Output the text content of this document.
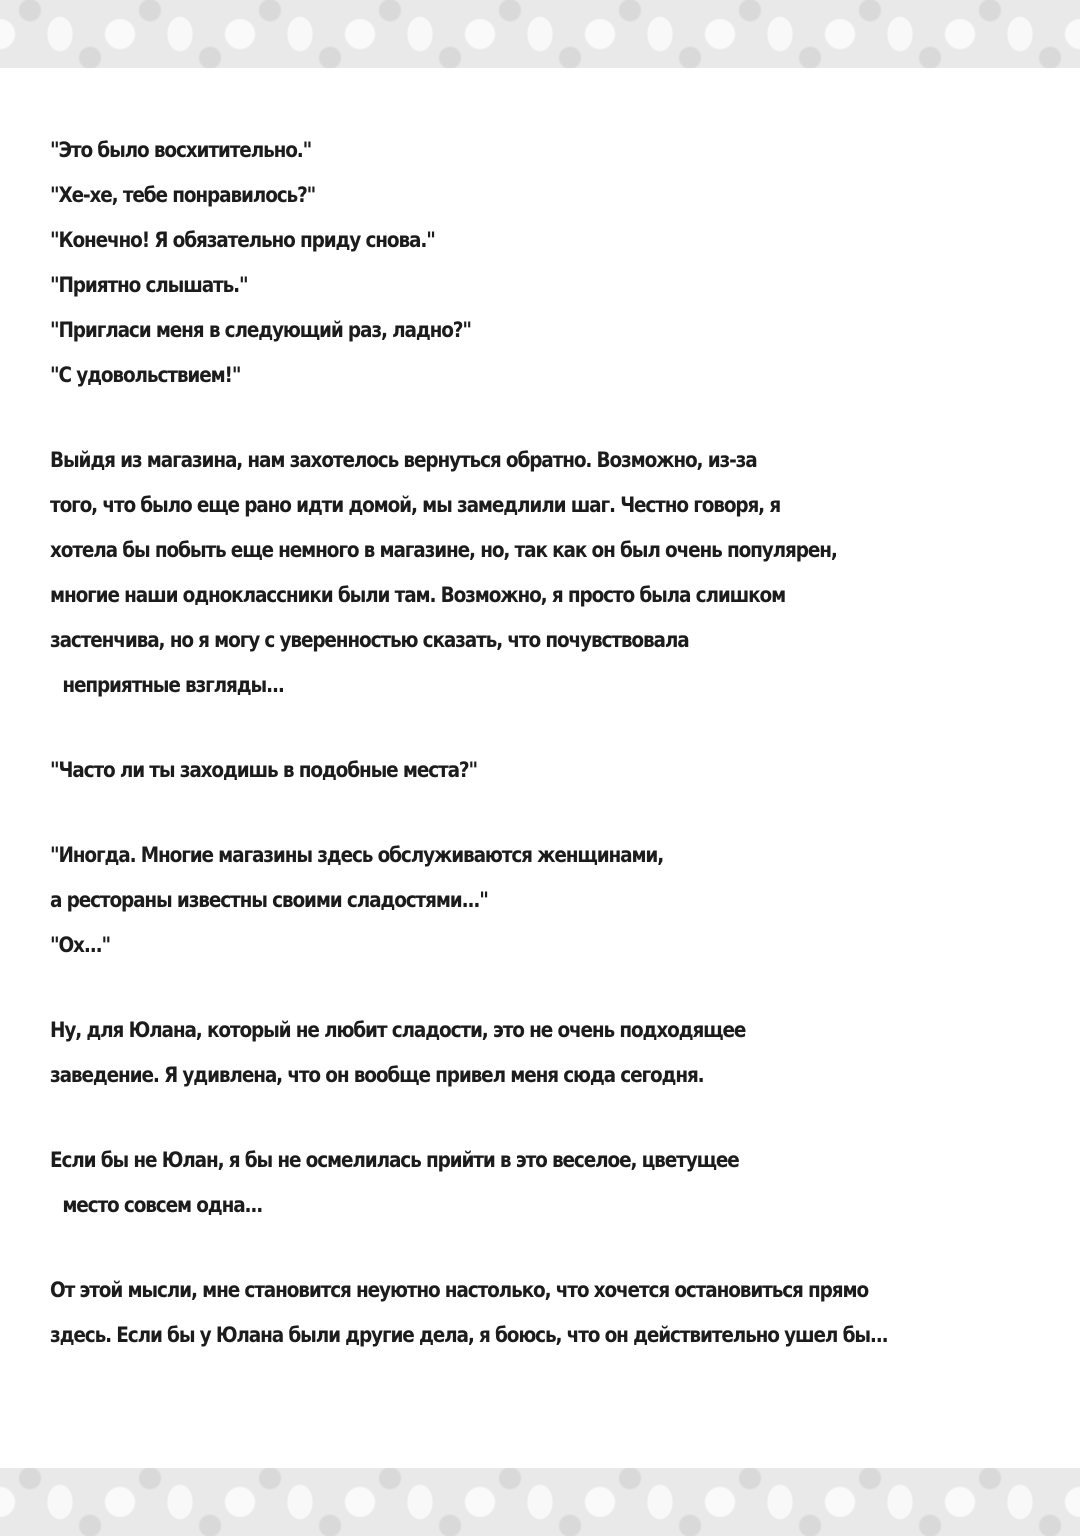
"Это было восхитительно."
"Хе-хе, тебе понравилось?"
"Конечно! Я обязательно приду снова."
"Приятно слышать."
"Пригласи меня в следующий раз, ладно?"
"С удовольствием!"
Выйдя из магазина, нам захотелось вернуться обратно. Возможно, из-за
того, что было еще рано идти домой, мы замедлили шаг. Честно говоря, я
хотела бы побыть еще немного в магазине, но, так как он был очень популярен,
многие наши одноклассники были там. Возможно, я просто была слишком
застенчива, но я могу с уверенностью сказать, что почувствовала
неприятные взгляды...
"Часто ли ты заходишь в подобные места?"
"Иногда. Многие магазины здесь обслуживаются женщинами,
а рестораны известны своими сладостями..."
"Ох..."
Ну, для Юлана, который не любит сладости, это не очень подходящее
заведение. Я удивлена, что он вообще привел меня сюда сегодня.
Если бы не Юлан, я бы не осмелилась прийти в это веселое, цветущее
место совсем одна...
От этой мысли, мне становится неуютно настолько, что хочется остановиться прямо
здесь. Если бы у Юлана были другие дела, я боюсь, что он действительно ушел бы...
